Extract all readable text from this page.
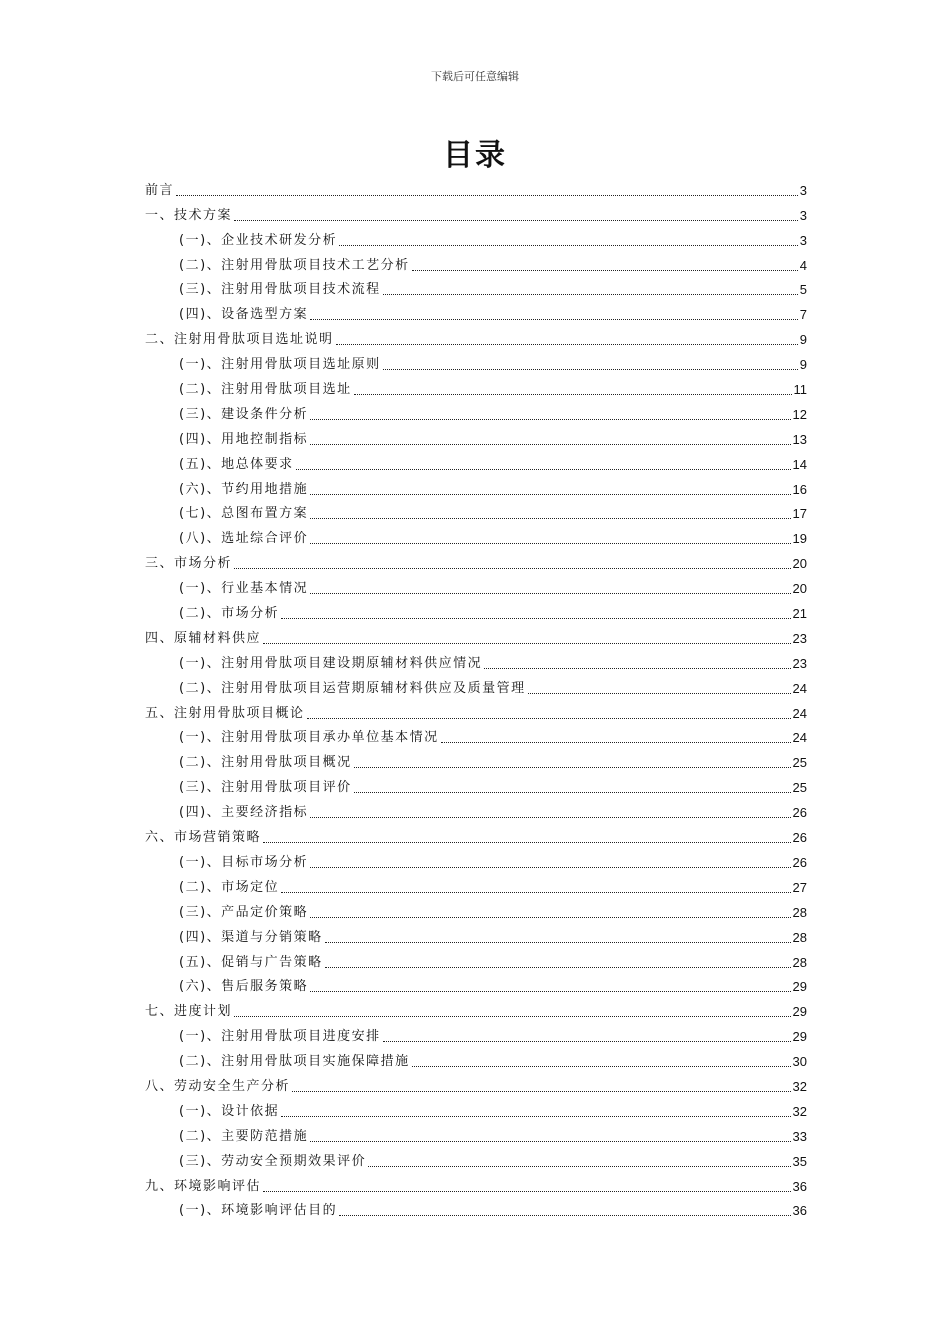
下载后可任意编辑
目录
前言	3
一、技术方案	3
(一)、企业技术研发分析	3
(二)、注射用骨肽项目技术工艺分析	4
(三)、注射用骨肽项目技术流程	5
(四)、设备选型方案	7
二、注射用骨肽项目选址说明	9
(一)、注射用骨肽项目选址原则	9
(二)、注射用骨肽项目选址	11
(三)、建设条件分析	12
(四)、用地控制指标	13
(五)、地总体要求	14
(六)、节约用地措施	16
(七)、总图布置方案	17
(八)、选址综合评价	19
三、市场分析	20
(一)、行业基本情况	20
(二)、市场分析	21
四、原辅材料供应	23
(一)、注射用骨肽项目建设期原辅材料供应情况	23
(二)、注射用骨肽项目运营期原辅材料供应及质量管理	24
五、注射用骨肽项目概论	24
(一)、注射用骨肽项目承办单位基本情况	24
(二)、注射用骨肽项目概况	25
(三)、注射用骨肽项目评价	25
(四)、主要经济指标	26
六、市场营销策略	26
(一)、目标市场分析	26
(二)、市场定位	27
(三)、产品定价策略	28
(四)、渠道与分销策略	28
(五)、促销与广告策略	28
(六)、售后服务策略	29
七、进度计划	29
(一)、注射用骨肽项目进度安排	29
(二)、注射用骨肽项目实施保障措施	30
八、劳动安全生产分析	32
(一)、设计依据	32
(二)、主要防范措施	33
(三)、劳动安全预期效果评价	35
九、环境影响评估	36
(一)、环境影响评估目的	36
